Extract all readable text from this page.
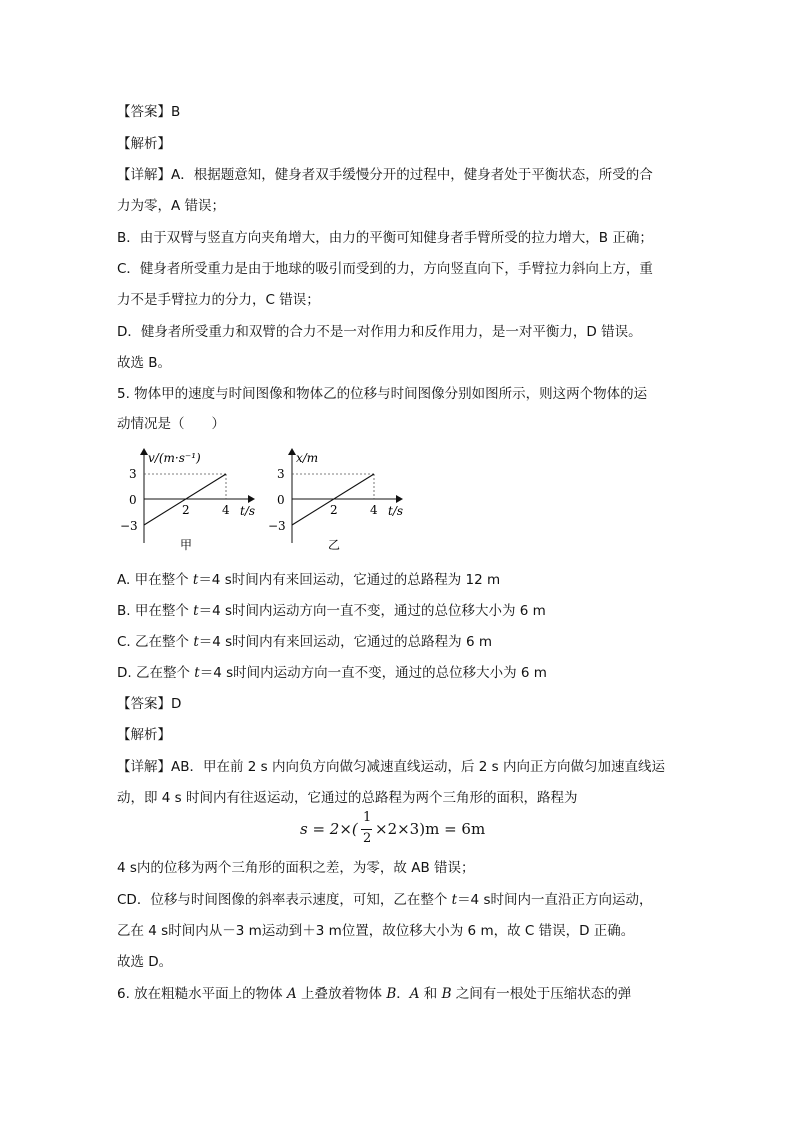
【答案】B
【解析】
【详解】A．根据题意知，健身者双手缓慢分开的过程中，健身者处于平衡状态，所受的合
力为零，A 错误；
B．由于双臂与竖直方向夹角增大，由力的平衡可知健身者手臂所受的拉力增大，B 正确；
C．健身者所受重力是由于地球的吸引而受到的力，方向竖直向下，手臂拉力斜向上方，重
力不是手臂拉力的分力，C 错误；
D．健身者所受重力和双臂的合力不是一对作用力和反作用力，是一对平衡力，D 错误。
故选 B。
5. 物体甲的速度与时间图像和物体乙的位移与时间图像分别如图所示，则这两个物体的运
动情况是（　　）
v/(m·s⁻¹)
t/s
3
0
−3
2	4
甲
x/m
t/s
3
0
−3
2	4
乙
A. 甲在整个 t＝4 s时间内有来回运动，它通过的总路程为 12 m
B. 甲在整个 t＝4 s时间内运动方向一直不变，通过的总位移大小为 6 m
C. 乙在整个 t＝4 s时间内有来回运动，它通过的总路程为 6 m
D. 乙在整个 t＝4 s时间内运动方向一直不变，通过的总位移大小为 6 m
【答案】D
【解析】
【详解】AB．甲在前 2 s 内向负方向做匀减速直线运动，后 2 s 内向正方向做匀加速直线运
动，即 4 s 时间内有往返运动，它通过的总路程为两个三角形的面积，路程为
s = 2×(
1
2
×2×3)m = 6m
4 s内的位移为两个三角形的面积之差，为零，故 AB 错误；
CD．位移与时间图像的斜率表示速度，可知，乙在整个 t＝4 s时间内一直沿正方向运动，
乙在 4 s时间内从－3 m运动到＋3 m位置，故位移大小为 6 m，故 C 错误，D 正确。
故选 D。
6. 放在粗糙水平面上的物体 A 上叠放着物体 B．A 和 B 之间有一根处于压缩状态的弹
